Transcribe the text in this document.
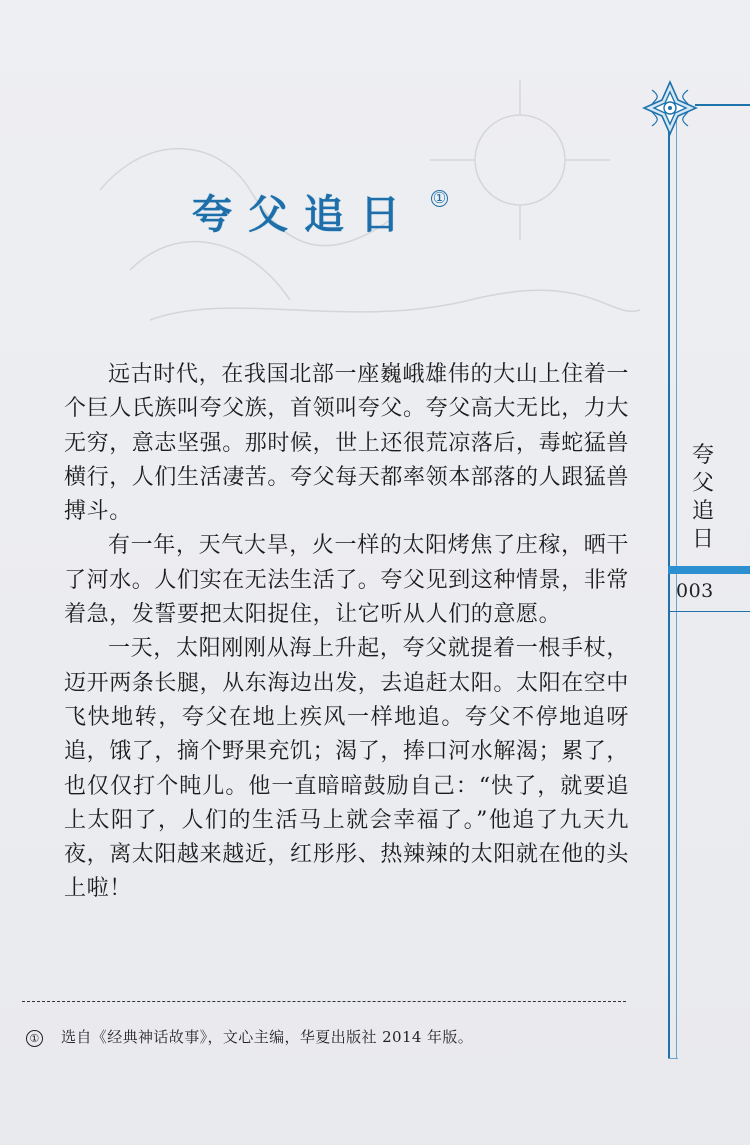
夸父追日 ①

远古时代，在我国北部一座巍峨雄伟的大山上住着一个巨人氏族叫夸父族，首领叫夸父。夸父高大无比，力大无穷，意志坚强。那时候，世上还很荒凉落后，毒蛇猛兽横行，人们生活凄苦。夸父每天都率领本部落的人跟猛兽搏斗。

有一年，天气大旱，火一样的太阳烤焦了庄稼，晒干了河水。人们实在无法生活了。夸父见到这种情景，非常着急，发誓要把太阳捉住，让它听从人们的意愿。

一天，太阳刚刚从海上升起，夸父就提着一根手杖，迈开两条长腿，从东海边出发，去追赶太阳。太阳在空中飞快地转，夸父在地上疾风一样地追。夸父不停地追呀追，饿了，摘个野果充饥；渴了，捧口河水解渴；累了，也仅仅打个盹儿。他一直暗暗鼓励自己：“快了，就要追上太阳了，人们的生活马上就会幸福了。”他追了九天九夜，离太阳越来越近，红彤彤、热辣辣的太阳就在他的头上啦！

① 选自《经典神话故事》，文心主编，华夏出版社 2014 年版。
夸父追日
003
